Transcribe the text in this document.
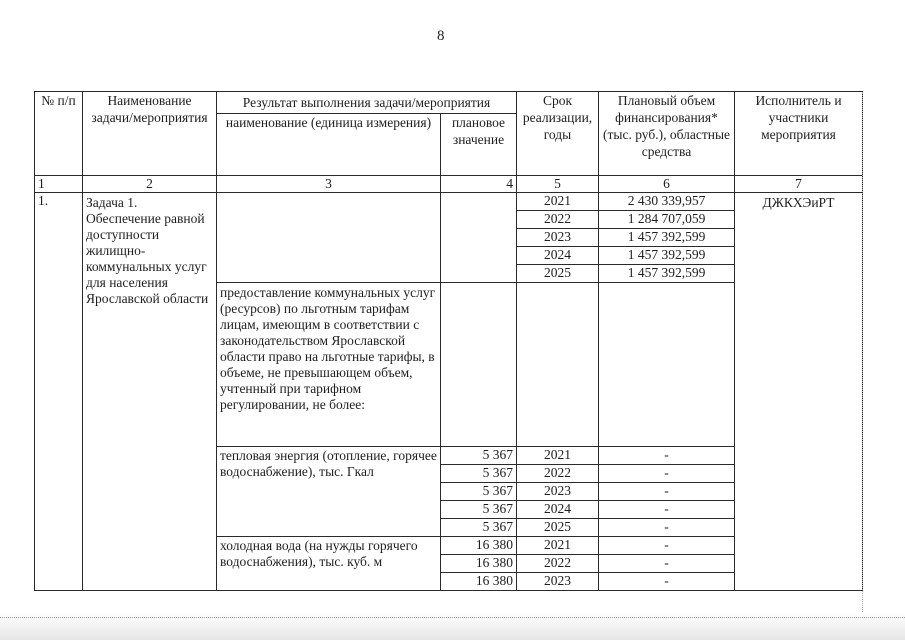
8
№ п/п	Наименование задачи/мероприятия	Результат выполнения задачи/мероприятия		Срок реализации, годы	Плановый объем финансирования* (тыс. руб.), областные средства	Исполнитель и участники мероприятия
		наименование (единица измерения)	плановое значение			
1	2	3	4	5	6	7
1.	Задача 1. Обеспечение равной доступности жилищно-коммунальных услуг для населения Ярославской области			2021	2 430 339,957	ДЖКХЭиРТ
				2022	1 284 707,059	
				2023	1 457 392,599	
				2024	1 457 392,599	
				2025	1 457 392,599	
		предоставление коммунальных услуг (ресурсов) по льготным тарифам лицам, имеющим в соответствии с законодательством Ярославской области право на льготные тарифы, в объеме, не превышающем объем, учтенный при тарифном регулировании, не более:				
		тепловая энергия (отопление, горячее водоснабжение), тыс. Гкал	5 367	2021	-	
			5 367	2022	-	
			5 367	2023	-	
			5 367	2024	-	
			5 367	2025	-	
		холодная вода (на нужды горячего водоснабжения), тыс. куб. м	16 380	2021	-	
			16 380	2022	-	
			16 380	2023	-	
